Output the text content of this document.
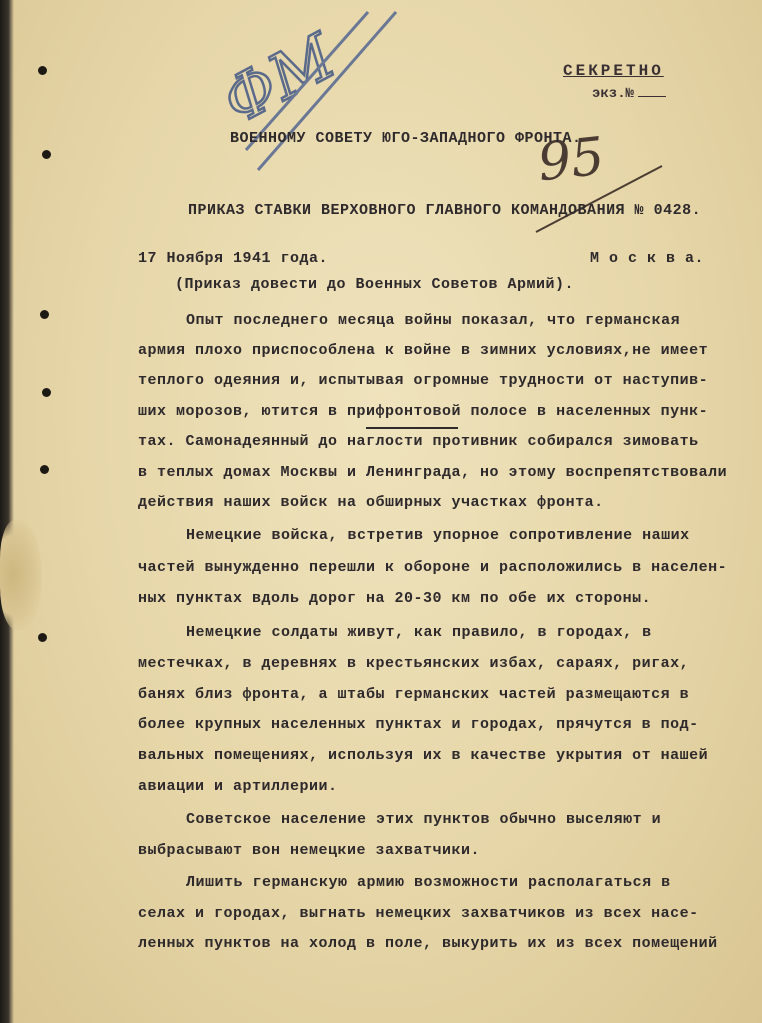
ФМ	СЕКРЕТНО
экз.№
95
ВОЕННОМУ СОВЕТУ ЮГО-ЗАПАДНОГО ФРОНТА.
ПРИКАЗ СТАВКИ ВЕРХОВНОГО ГЛАВНОГО КОМАНДОВАНИЯ № 0428.
17 Ноября 1941 года.	М о с к в а.
(Приказ довести до Военных Советов Армий).
Опыт последнего месяца войны показал, что германская
армия плохо приспособлена к войне в зимних условиях,не имеет
теплого одеяния и, испытывая огромные трудности от наступив-
ших морозов, ютится в прифронтовой полосе в населенных пунк-
тах. Самонадеянный до наглости противник собирался зимовать
в теплых домах Москвы и Ленинграда, но этому воспрепятствовали
действия наших войск на обширных участках фронта.
Немецкие войска, встретив упорное сопротивление наших
частей вынужденно перешли к обороне и расположились в населен-
ных пунктах вдоль дорог на 20-30 км по обе их стороны.
Немецкие солдаты живут, как правило, в городах, в
местечках, в деревнях в крестьянских избах, сараях, ригах,
банях близ фронта, а штабы германских частей размещаются в
более крупных населенных пунктах и городах, прячутся в под-
вальных помещениях, используя их в качестве укрытия от нашей
авиации и артиллерии.
Советское население этих пунктов обычно выселяют и
выбрасывают вон немецкие захватчики.
Лишить германскую армию возможности располагаться в
селах и городах, выгнать немецких захватчиков из всех насе-
ленных пунктов на холод в поле, выкурить их из всех помещений
